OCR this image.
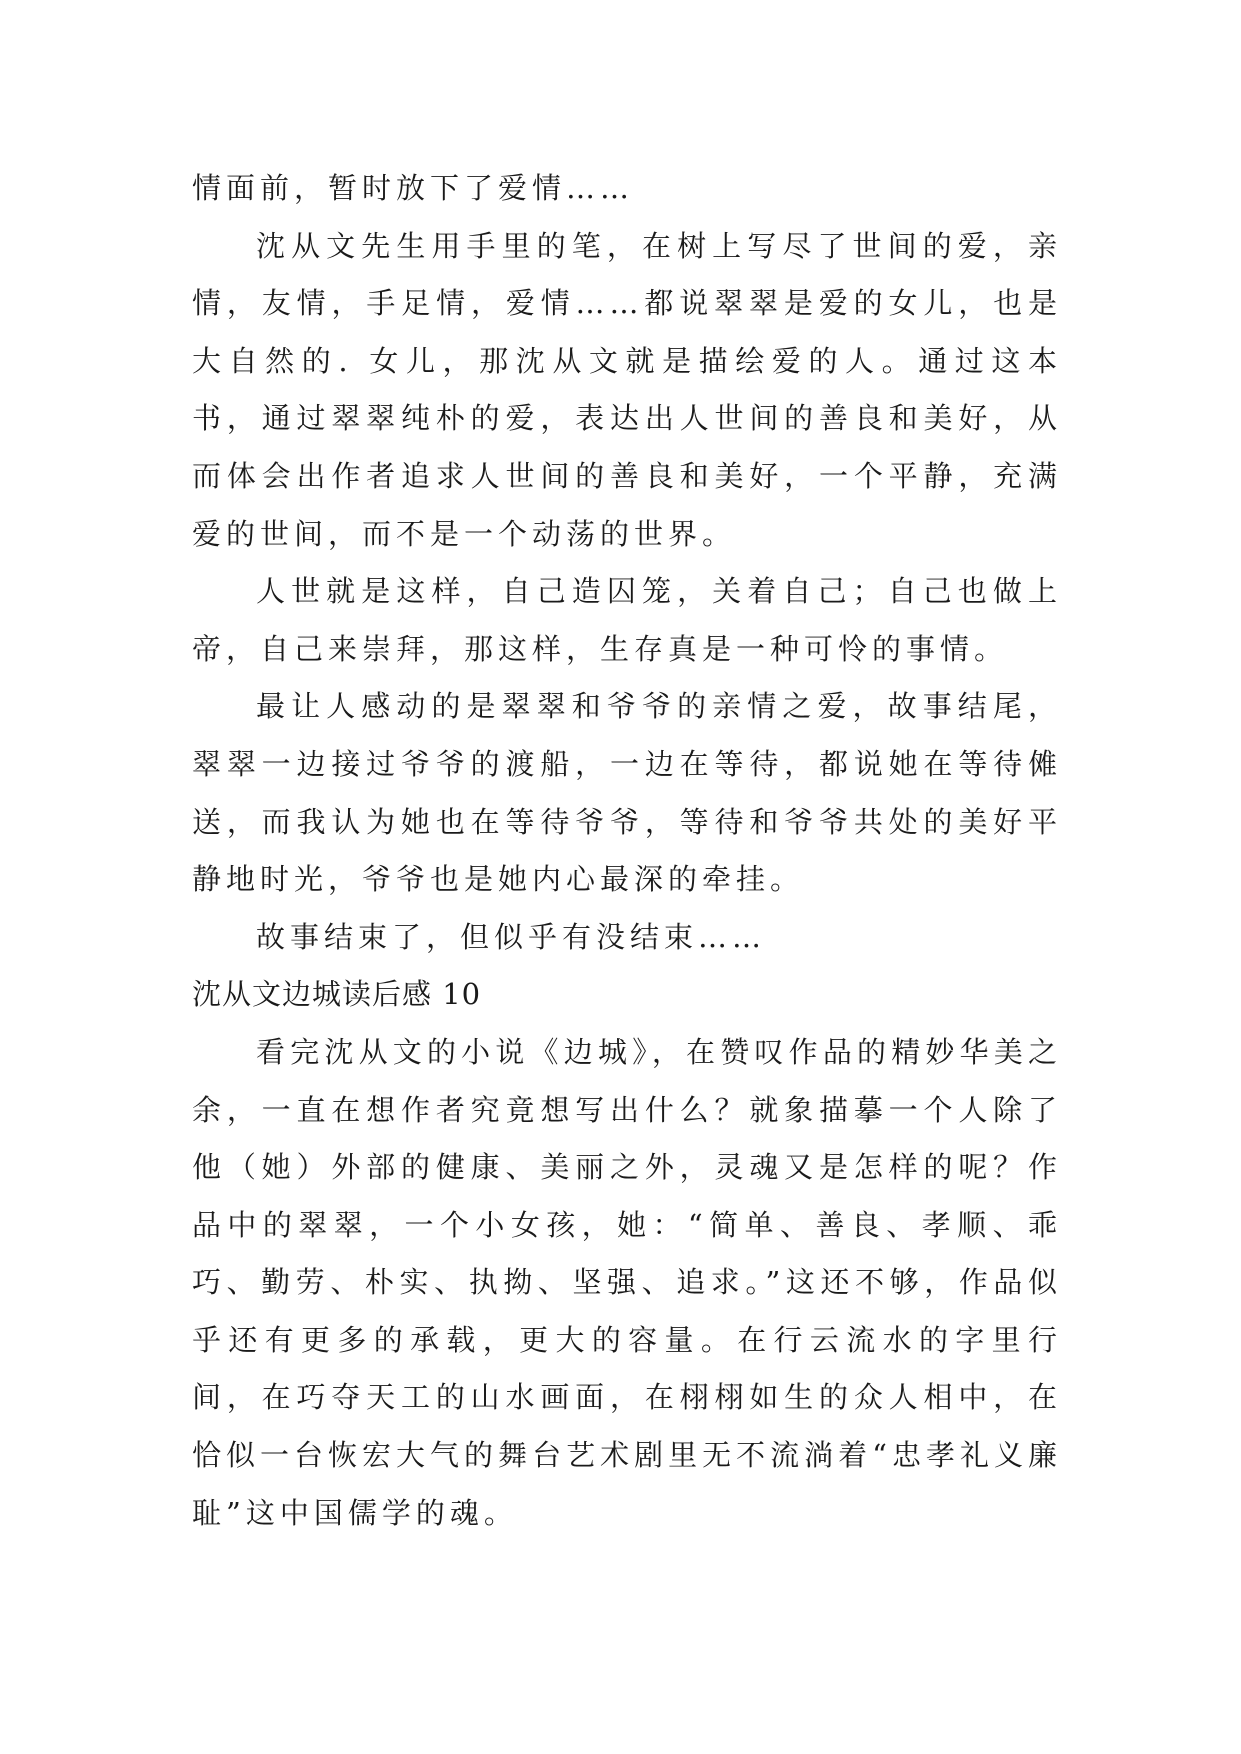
情面前，暂时放下了爱情……

沈从文先生用手里的笔，在树上写尽了世间的爱，亲情，友情，手足情，爱情……都说翠翠是爱的女儿，也是大自然的. 女儿，那沈从文就是描绘爱的人。通过这本书，通过翠翠纯朴的爱，表达出人世间的善良和美好，从而体会出作者追求人世间的善良和美好，一个平静，充满爱的世间，而不是一个动荡的世界。

人世就是这样，自己造囚笼，关着自己；自己也做上帝，自己来崇拜，那这样，生存真是一种可怜的事情。

最让人感动的是翠翠和爷爷的亲情之爱，故事结尾，翠翠一边接过爷爷的渡船，一边在等待，都说她在等待傩送，而我认为她也在等待爷爷，等待和爷爷共处的美好平静地时光，爷爷也是她内心最深的牵挂。

故事结束了，但似乎有没结束……

沈从文边城读后感 10

看完沈从文的小说《边城》，在赞叹作品的精妙华美之余，一直在想作者究竟想写出什么？就象描摹一个人除了他（她）外部的健康、美丽之外，灵魂又是怎样的呢？作品中的翠翠，一个小女孩，她：“简单、善良、孝顺、乖巧、勤劳、朴实、执拗、坚强、追求。”这还不够，作品似乎还有更多的承载，更大的容量。在行云流水的字里行间，在巧夺天工的山水画面，在栩栩如生的众人相中，在恰似一台恢宏大气的舞台艺术剧里无不流淌着“忠孝礼义廉耻”这中国儒学的魂。
